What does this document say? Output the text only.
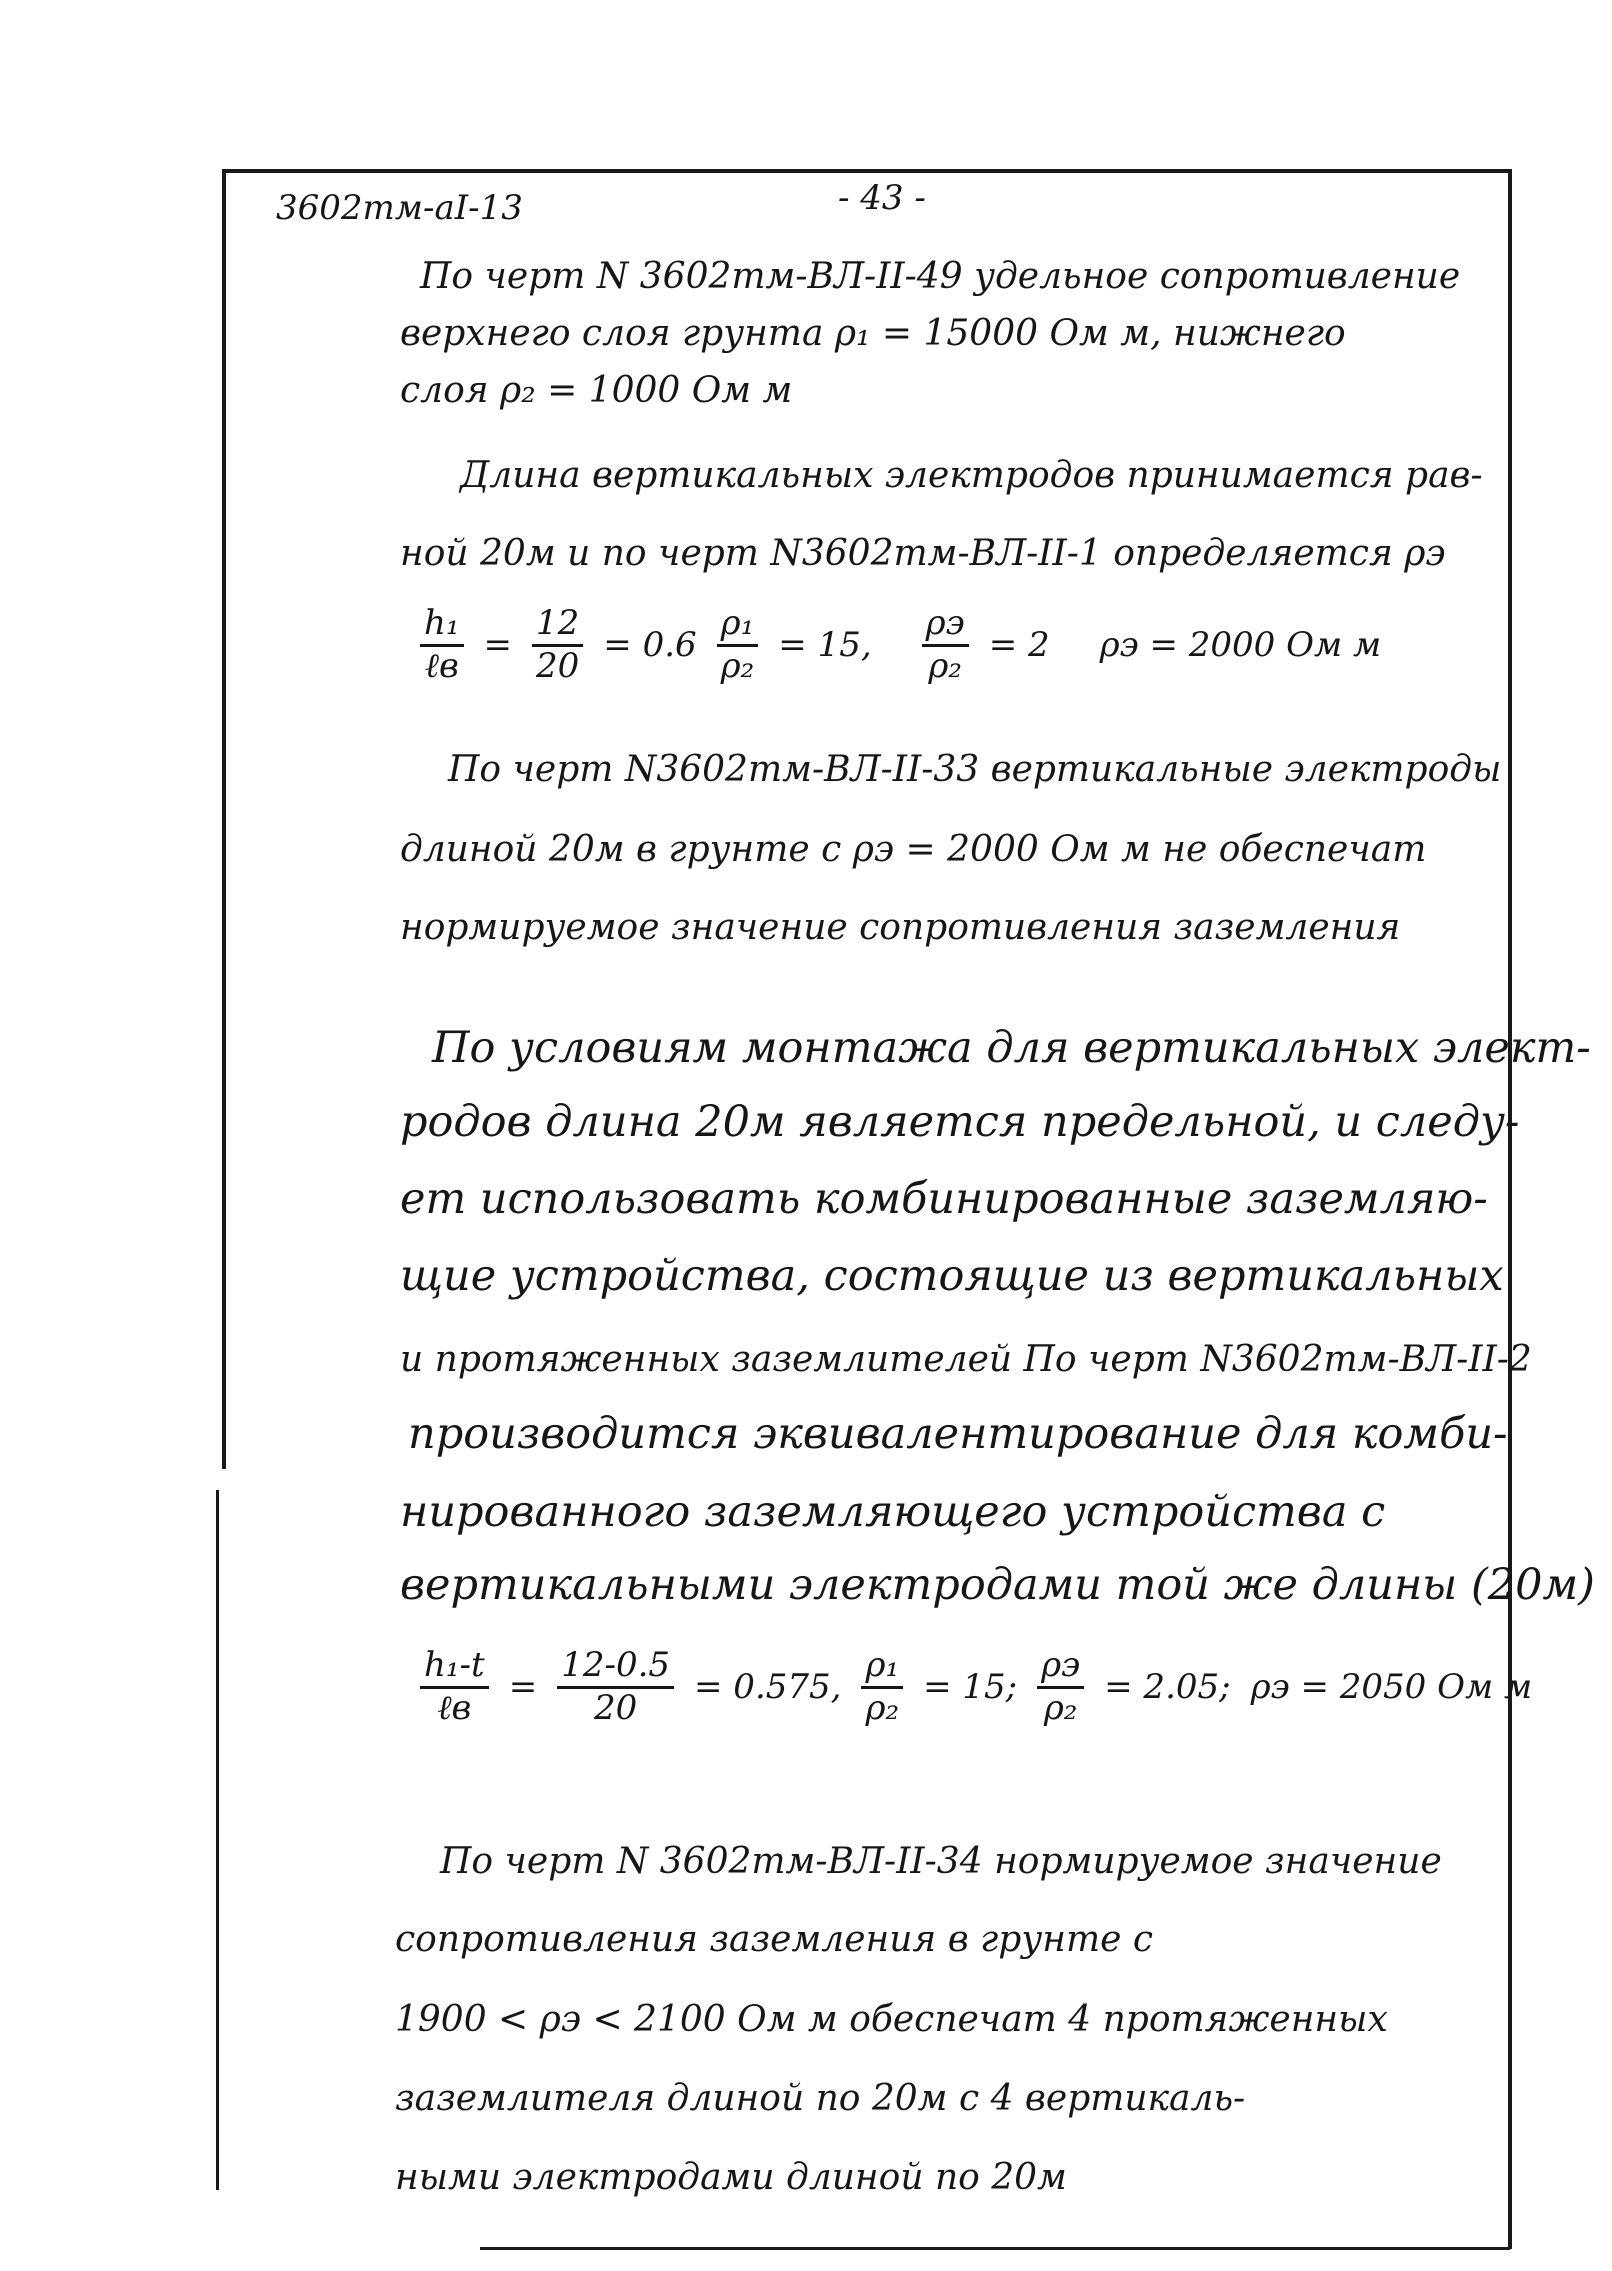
3602тм-аI-13	- 43 -
По черт N 3602тм-ВЛ-II-49 удельное сопротивление
верхнего слоя грунта ρ₁ = 15000 Ом м, нижнего
слоя ρ₂ = 1000 Ом м
Длина вертикальных электродов принимается рав-
ной 20м и по черт N3602тм-ВЛ-II-1 определяется ρэ
$\frac{\text{h₁}}{\text{ℓв}} = \frac{12}{20} = 0.6 \frac{\text{ρ₁}}{\text{ρ₂}} = 15$, $\frac{\rho э}{\text{ρ₂}} = 2$ ρэ = 2000 Ом м
По черт N3602тм-ВЛ-II-33 вертикальные электроды
длиной 20м в грунте с ρэ = 2000 Ом м не обеспечат
нормируемое значение сопротивления заземления
По условиям монтажа для вертикальных элект-
родов длина 20м является предельной, и следу-
ет использовать комбинированные заземляю-
щие устройства, состоящие из вертикальных
и протяженных заземлителей По черт N3602тм-ВЛ-II-2
производится эквивалентирование для комби-
нированного заземляющего устройства с
вертикальными электродами той же длины (20м)
$\frac{\text{h₁-t}}{\text{ℓв}} = \frac{12-0.5}{20} = 0.575$, $\frac{\text{ρ₁}}{\text{ρ₂}} = 15$; $\frac{\rho э}{\text{ρ₂}} = 2.05$; ρэ = 2050 Ом м
По черт N 3602тм-ВЛ-II-34 нормируемое значение
сопротивления заземления в грунте с
1900 < ρэ < 2100 Ом м обеспечат 4 протяженных
заземлителя длиной по 20м с 4 вертикаль-
ными электродами длиной по 20м
